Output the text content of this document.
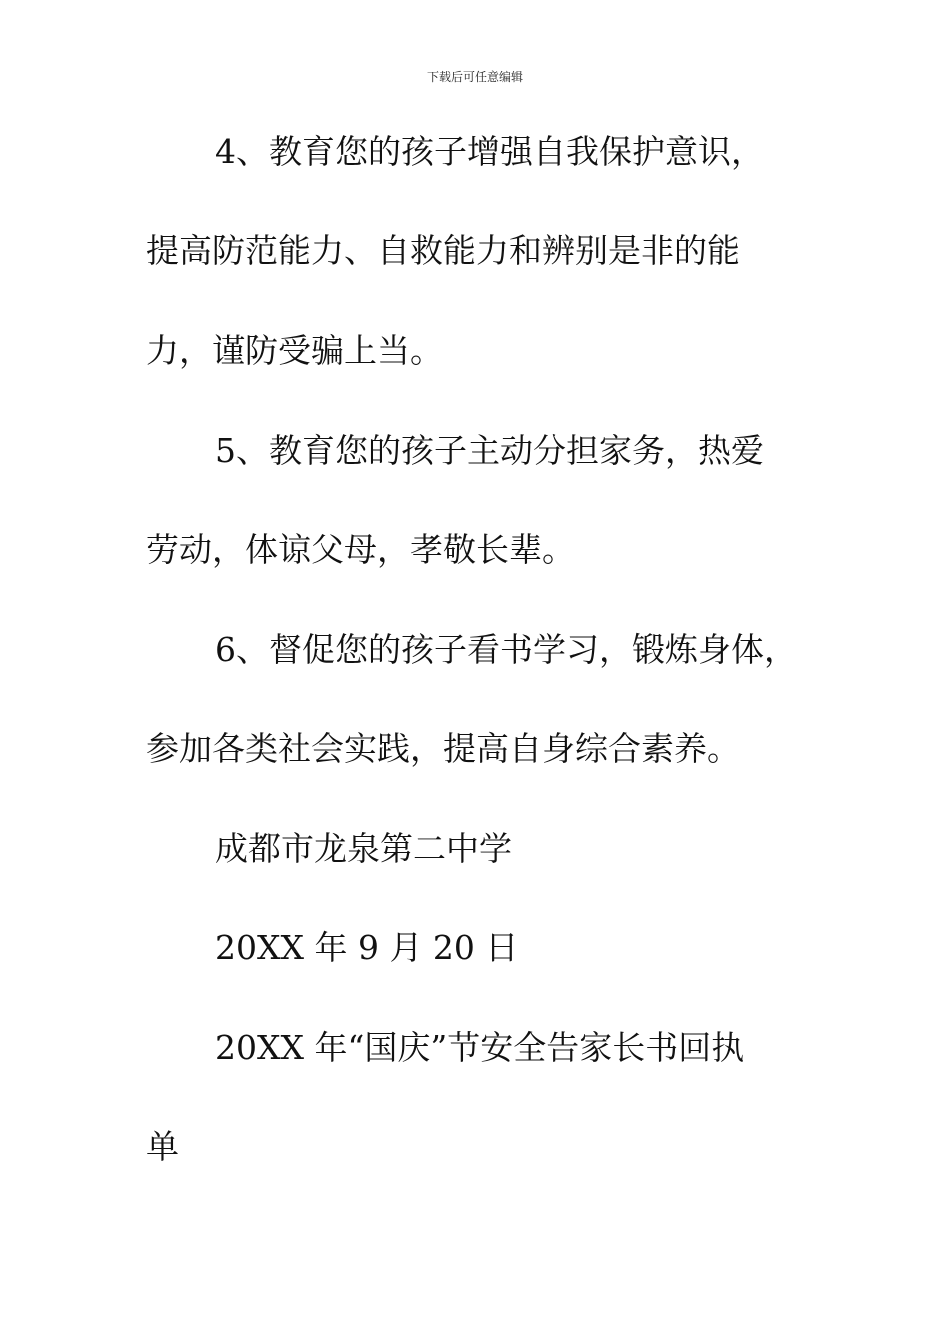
下载后可任意编辑
4、教育您的孩子增强自我保护意识，
提高防范能力、自救能力和辨别是非的能
力，谨防受骗上当。
5、教育您的孩子主动分担家务，热爱
劳动，体谅父母，孝敬长辈。
6、督促您的孩子看书学习，锻炼身体，
参加各类社会实践，提高自身综合素养。
成都市龙泉第二中学
20XX 年 9 月 20 日
20XX 年“国庆”节安全告家长书回执
单
